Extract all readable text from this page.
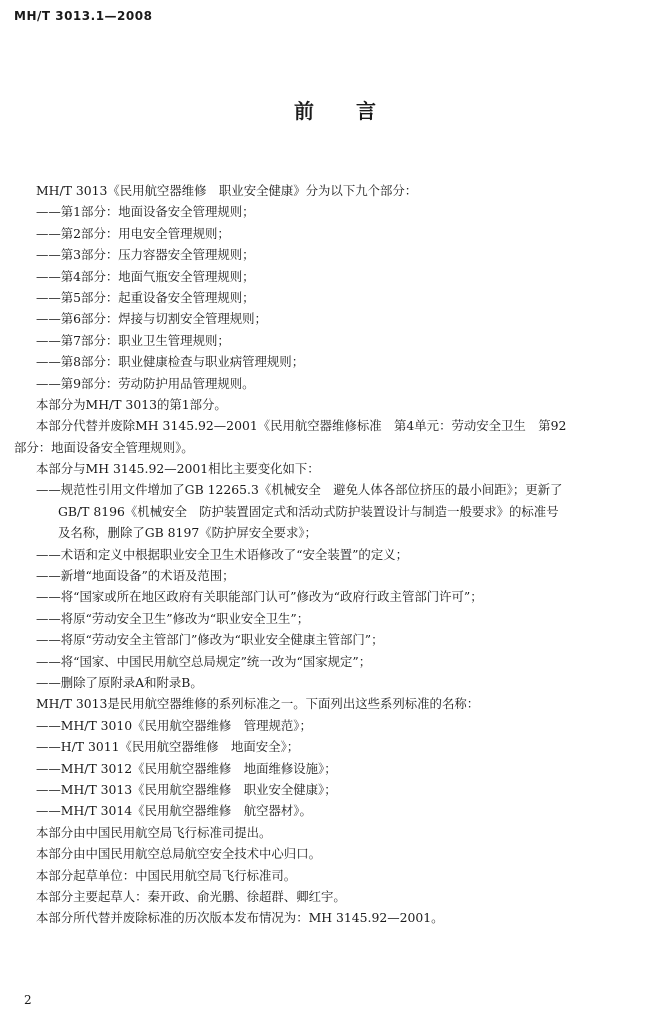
MH/T 3013.1—2008
前言
MH/T 3013《民用航空器维修　职业安全健康》分为以下九个部分：
——第1部分：地面设备安全管理规则；
——第2部分：用电安全管理规则；
——第3部分：压力容器安全管理规则；
——第4部分：地面气瓶安全管理规则；
——第5部分：起重设备安全管理规则；
——第6部分：焊接与切割安全管理规则；
——第7部分：职业卫生管理规则；
——第8部分：职业健康检查与职业病管理规则；
——第9部分：劳动防护用品管理规则。
本部分为MH/T 3013的第1部分。
本部分代替并废除MH 3145.92—2001《民用航空器维修标准　第4单元：劳动安全卫生　第92
部分：地面设备安全管理规则》。
本部分与MH 3145.92—2001相比主要变化如下：
——规范性引用文件增加了GB 12265.3《机械安全　避免人体各部位挤压的最小间距》；更新了
GB/T 8196《机械安全　防护装置固定式和活动式防护装置设计与制造一般要求》的标准号
及名称，删除了GB 8197《防护屏安全要求》；
——术语和定义中根据职业安全卫生术语修改了“安全装置”的定义；
——新增“地面设备”的术语及范围；
——将“国家或所在地区政府有关职能部门认可”修改为“政府行政主管部门许可”；
——将原“劳动安全卫生”修改为“职业安全卫生”；
——将原“劳动安全主管部门”修改为“职业安全健康主管部门”；
——将“国家、中国民用航空总局规定”统一改为“国家规定”；
——删除了原附录A和附录B。
MH/T 3013是民用航空器维修的系列标准之一。下面列出这些系列标准的名称：
——MH/T 3010《民用航空器维修　管理规范》；
——H/T 3011《民用航空器维修　地面安全》；
——MH/T 3012《民用航空器维修　地面维修设施》；
——MH/T 3013《民用航空器维修　职业安全健康》；
——MH/T 3014《民用航空器维修　航空器材》。
本部分由中国民用航空局飞行标准司提出。
本部分由中国民用航空总局航空安全技术中心归口。
本部分起草单位：中国民用航空局飞行标准司。
本部分主要起草人：秦开政、俞光鹏、徐超群、卿红宇。
本部分所代替并废除标准的历次版本发布情况为：MH 3145.92—2001。
2
